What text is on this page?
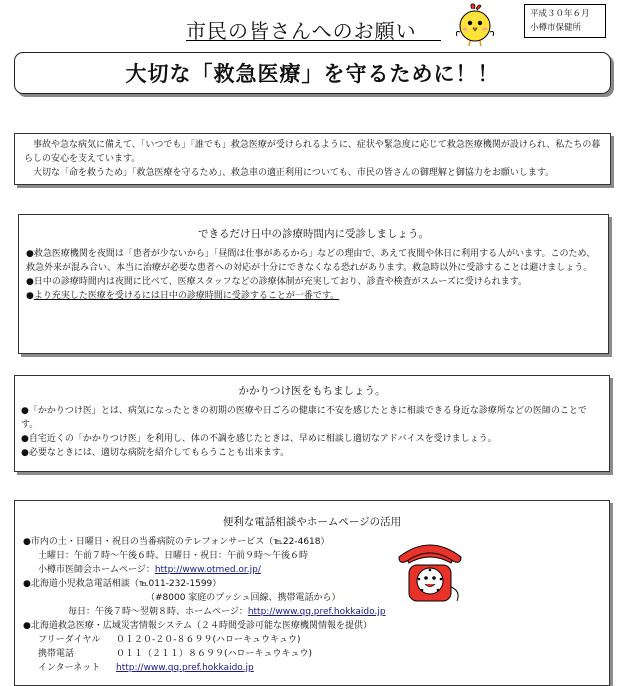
市民の皆さんへのお願い
平成３０年６月
小樽市保健所
大切な「救急医療」を守るために！！

事故や急な病気に備えて、「いつでも」「誰でも」救急医療が受けられるように、症状や緊急度に応じて救急医療機関が設けられ、私たちの暮らしの安心を支えています。

大切な「命を救うため」「救急医療を守るため」、救急車の適正利用についても、市民の皆さんの御理解と御協力をお願いします。

できるだけ日中の診療時間内に受診しましょう。

●救急医療機関を夜間は「患者が少ないから」「昼間は仕事があるから」などの理由で、あえて夜間や休日に利用する人がいます。このため、救急外来が混み合い、本当に治療が必要な患者への対応が十分にできなくなる恐れがあります。救急時以外に受診することは避けましょう。

●日中の診療時間内は夜間に比べて、医療スタッフなどの診療体制が充実しており、診査や検査がスムーズに受けられます。

●より充実した医療を受けるには日中の診療時間に受診することが一番です。

かかりつけ医をもちましょう。

●「かかりつけ医」とは、病気になったときの初期の医療や日ごろの健康に不安を感じたときに相談できる身近な診療所などの医師のことです。

●自宅近くの「かかりつけ医」を利用し、体の不調を感じたときは、早めに相談し適切なアドバイスを受けましょう。

●必要なときには、適切な病院を紹介してもらうことも出来ます。

便利な電話相談やホームページの活用

●市内の土・日曜日・祝日の当番病院のテレフォンサービス（℡22-4618）

土曜日：午前７時～午後６時、日曜日・祝日：午前９時～午後６時

小樽市医師会ホームページ：http://www.otmed.or.jp/

●北海道小児救急電話相談（℡011-232-1599）

（#8000 家庭のプッシュ回線、携帯電話から）

毎日：午後７時～翌朝８時、ホームページ：http://www.qq.pref.hokkaido.jp

●北海道救急医療・広域災害情報システム（２４時間受診可能な医療機関情報を提供）

フリーダイヤル ０１２０-２０-８６９９(ハローキュウキュウ)

携帯電話	０１１（２１１）８６９９(ハローキュウキュウ)

インターネット http://www.qq.pref.hokkaido.jp
